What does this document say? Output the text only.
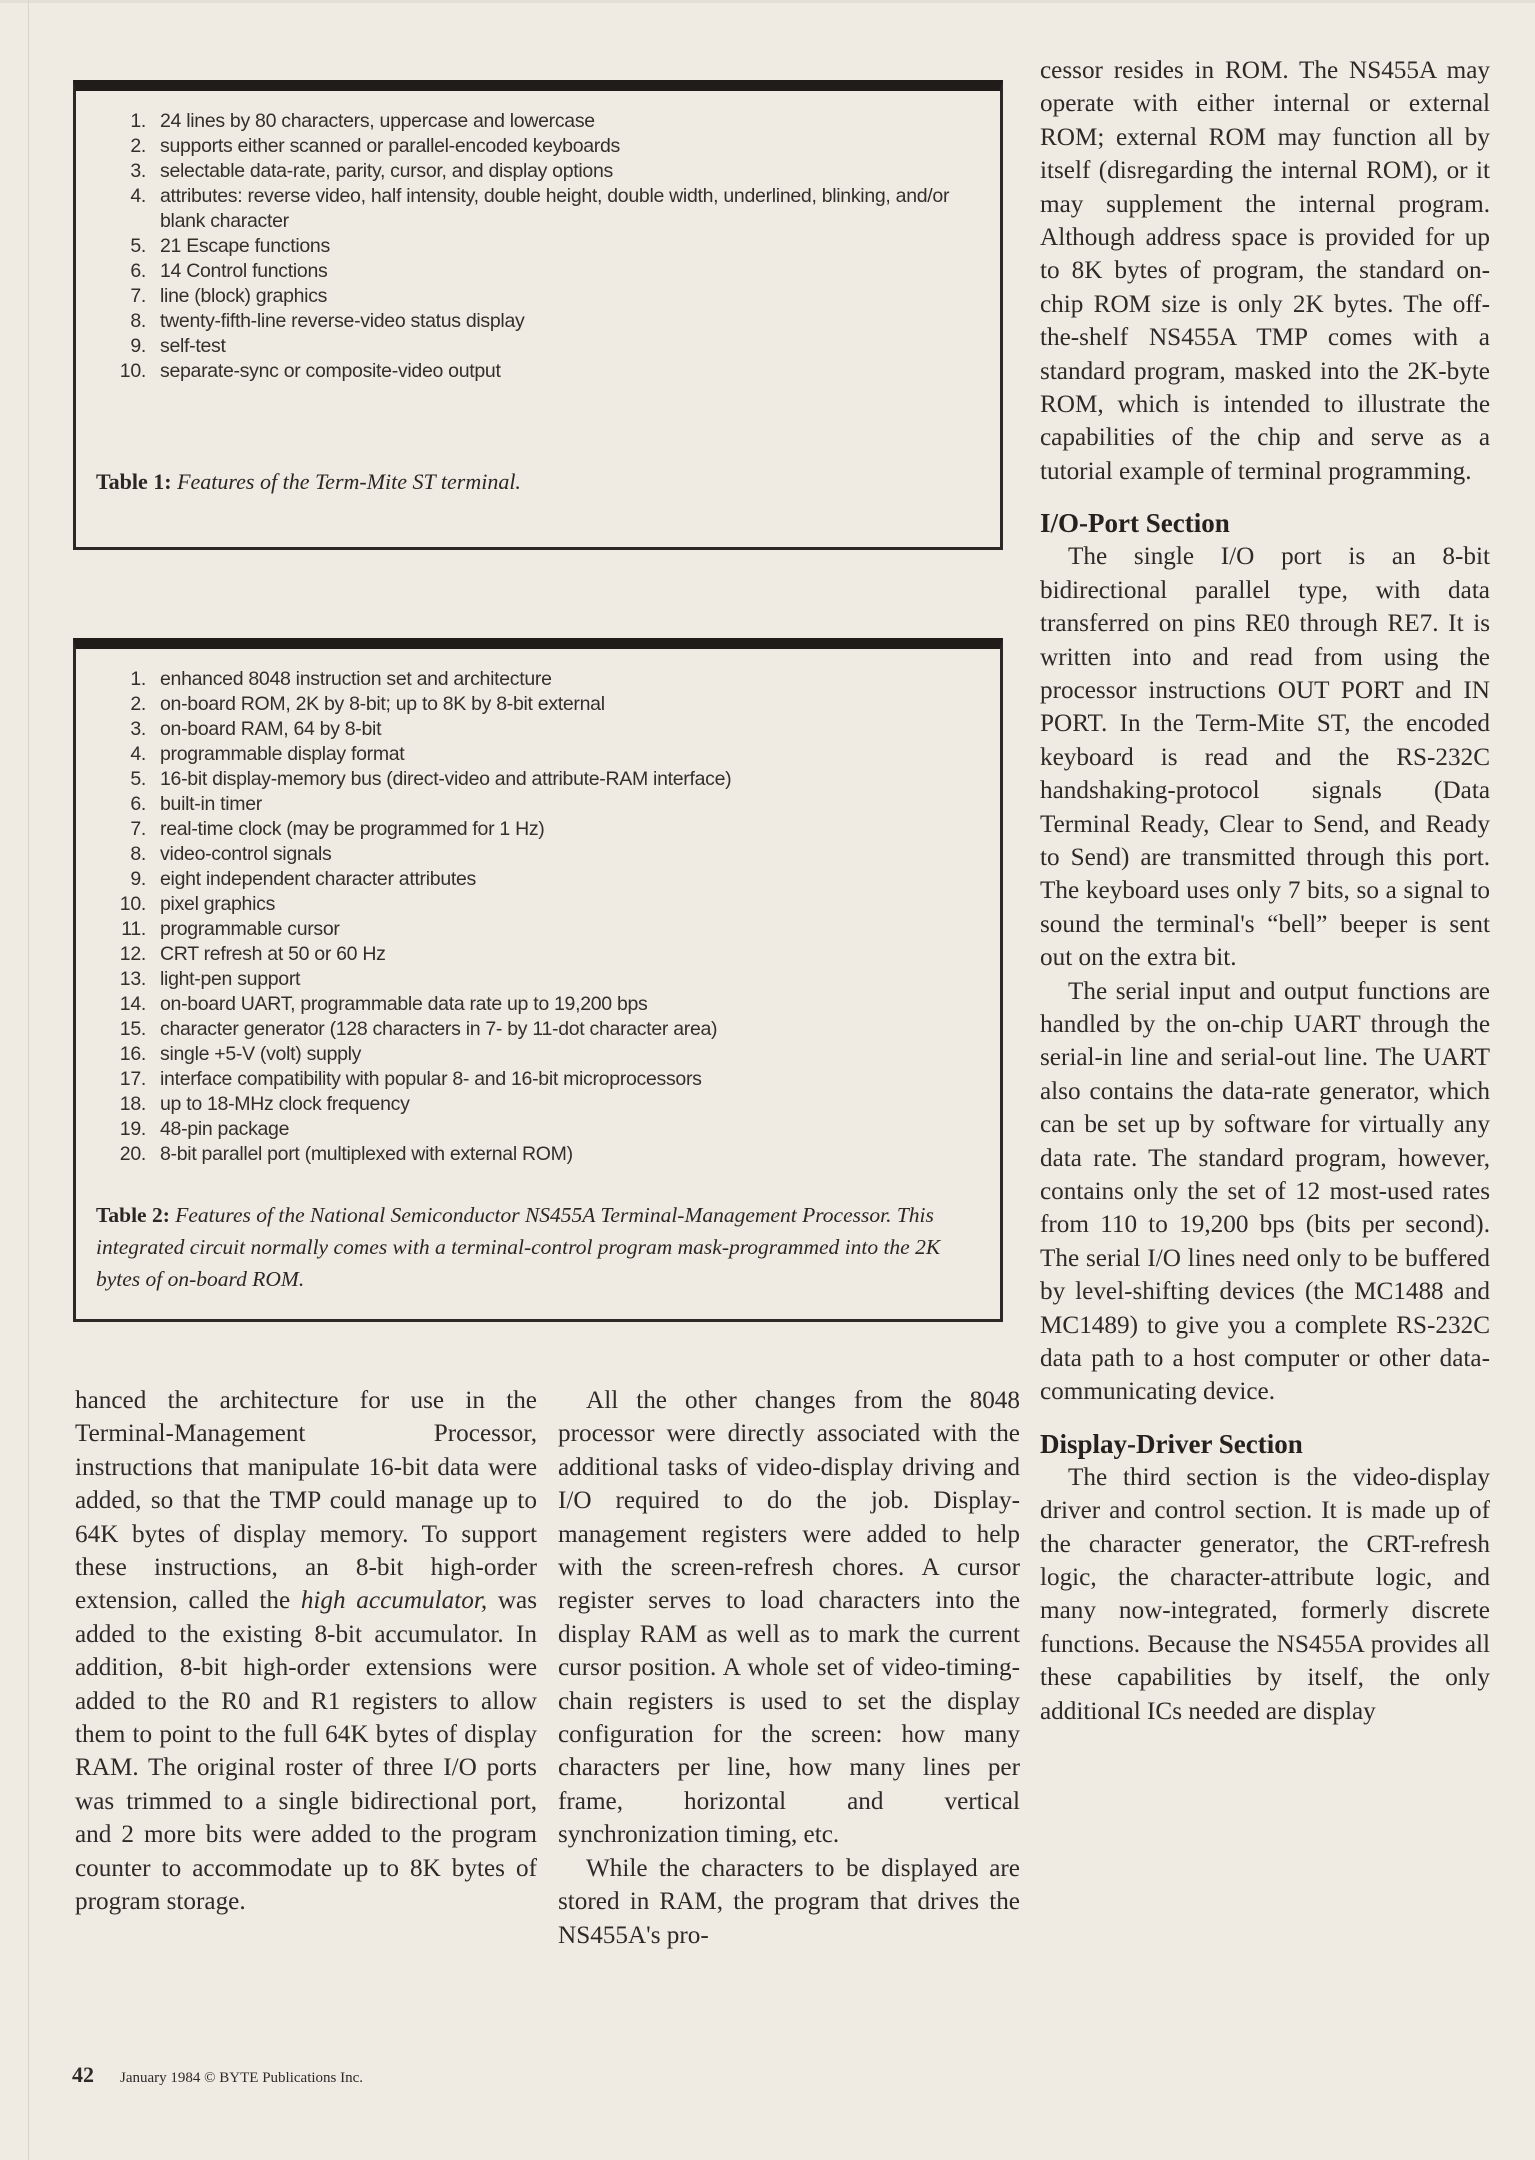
1. 24 lines by 80 characters, uppercase and lowercase
2. supports either scanned or parallel-encoded keyboards
3. selectable data-rate, parity, cursor, and display options
4. attributes: reverse video, half intensity, double height, double width, underlined, blinking, and/or blank character
5. 21 Escape functions
6. 14 Control functions
7. line (block) graphics
8. twenty-fifth-line reverse-video status display
9. self-test
10. separate-sync or composite-video output
Table 1: Features of the Term-Mite ST terminal.
1. enhanced 8048 instruction set and architecture
2. on-board ROM, 2K by 8-bit; up to 8K by 8-bit external
3. on-board RAM, 64 by 8-bit
4. programmable display format
5. 16-bit display-memory bus (direct-video and attribute-RAM interface)
6. built-in timer
7. real-time clock (may be programmed for 1 Hz)
8. video-control signals
9. eight independent character attributes
10. pixel graphics
11. programmable cursor
12. CRT refresh at 50 or 60 Hz
13. light-pen support
14. on-board UART, programmable data rate up to 19,200 bps
15. character generator (128 characters in 7- by 11-dot character area)
16. single +5-V (volt) supply
17. interface compatibility with popular 8- and 16-bit microprocessors
18. up to 18-MHz clock frequency
19. 48-pin package
20. 8-bit parallel port (multiplexed with external ROM)
Table 2: Features of the National Semiconductor NS455A Terminal-Management Processor. This integrated circuit normally comes with a terminal-control program mask-programmed into the 2K bytes of on-board ROM.

hanced the architecture for use in the Terminal-Management Processor, instructions that manipulate 16-bit data were added, so that the TMP could manage up to 64K bytes of display memory. To support these instructions, an 8-bit high-order extension, called the high accumulator, was added to the existing 8-bit accumulator. In addition, 8-bit high-order extensions were added to the R0 and R1 registers to allow them to point to the full 64K bytes of display RAM. The original roster of three I/O ports was trimmed to a single bidirectional port, and 2 more bits were added to the program counter to accommodate up to 8K bytes of program storage.

All the other changes from the 8048 processor were directly associated with the additional tasks of video-display driving and I/O required to do the job. Display-management registers were added to help with the screen-refresh chores. A cursor register serves to load characters into the display RAM as well as to mark the current cursor position. A whole set of video-timing-chain registers is used to set the display configuration for the screen: how many characters per line, how many lines per frame, horizontal and vertical synchronization timing, etc.

While the characters to be displayed are stored in RAM, the program that drives the NS455A's pro-

cessor resides in ROM. The NS455A may operate with either internal or external ROM; external ROM may function all by itself (disregarding the internal ROM), or it may supplement the internal program. Although address space is provided for up to 8K bytes of program, the standard on-chip ROM size is only 2K bytes. The off-the-shelf NS455A TMP comes with a standard program, masked into the 2K-byte ROM, which is intended to illustrate the capabilities of the chip and serve as a tutorial example of terminal programming.

I/O-Port Section

The single I/O port is an 8-bit bidirectional parallel type, with data transferred on pins RE0 through RE7. It is written into and read from using the processor instructions OUT PORT and IN PORT. In the Term-Mite ST, the encoded keyboard is read and the RS-232C handshaking-protocol signals (Data Terminal Ready, Clear to Send, and Ready to Send) are transmitted through this port. The keyboard uses only 7 bits, so a signal to sound the terminal's “bell” beeper is sent out on the extra bit.

The serial input and output functions are handled by the on-chip UART through the serial-in line and serial-out line. The UART also contains the data-rate generator, which can be set up by software for virtually any data rate. The standard program, however, contains only the set of 12 most-used rates from 110 to 19,200 bps (bits per second). The serial I/O lines need only to be buffered by level-shifting devices (the MC1488 and MC1489) to give you a complete RS-232C data path to a host computer or other data-communicating device.

Display-Driver Section

The third section is the video-display driver and control section. It is made up of the character generator, the CRT-refresh logic, the character-attribute logic, and many now-integrated, formerly discrete functions. Because the NS455A provides all these capabilities by itself, the only additional ICs needed are display

42 January 1984 © BYTE Publications Inc.
